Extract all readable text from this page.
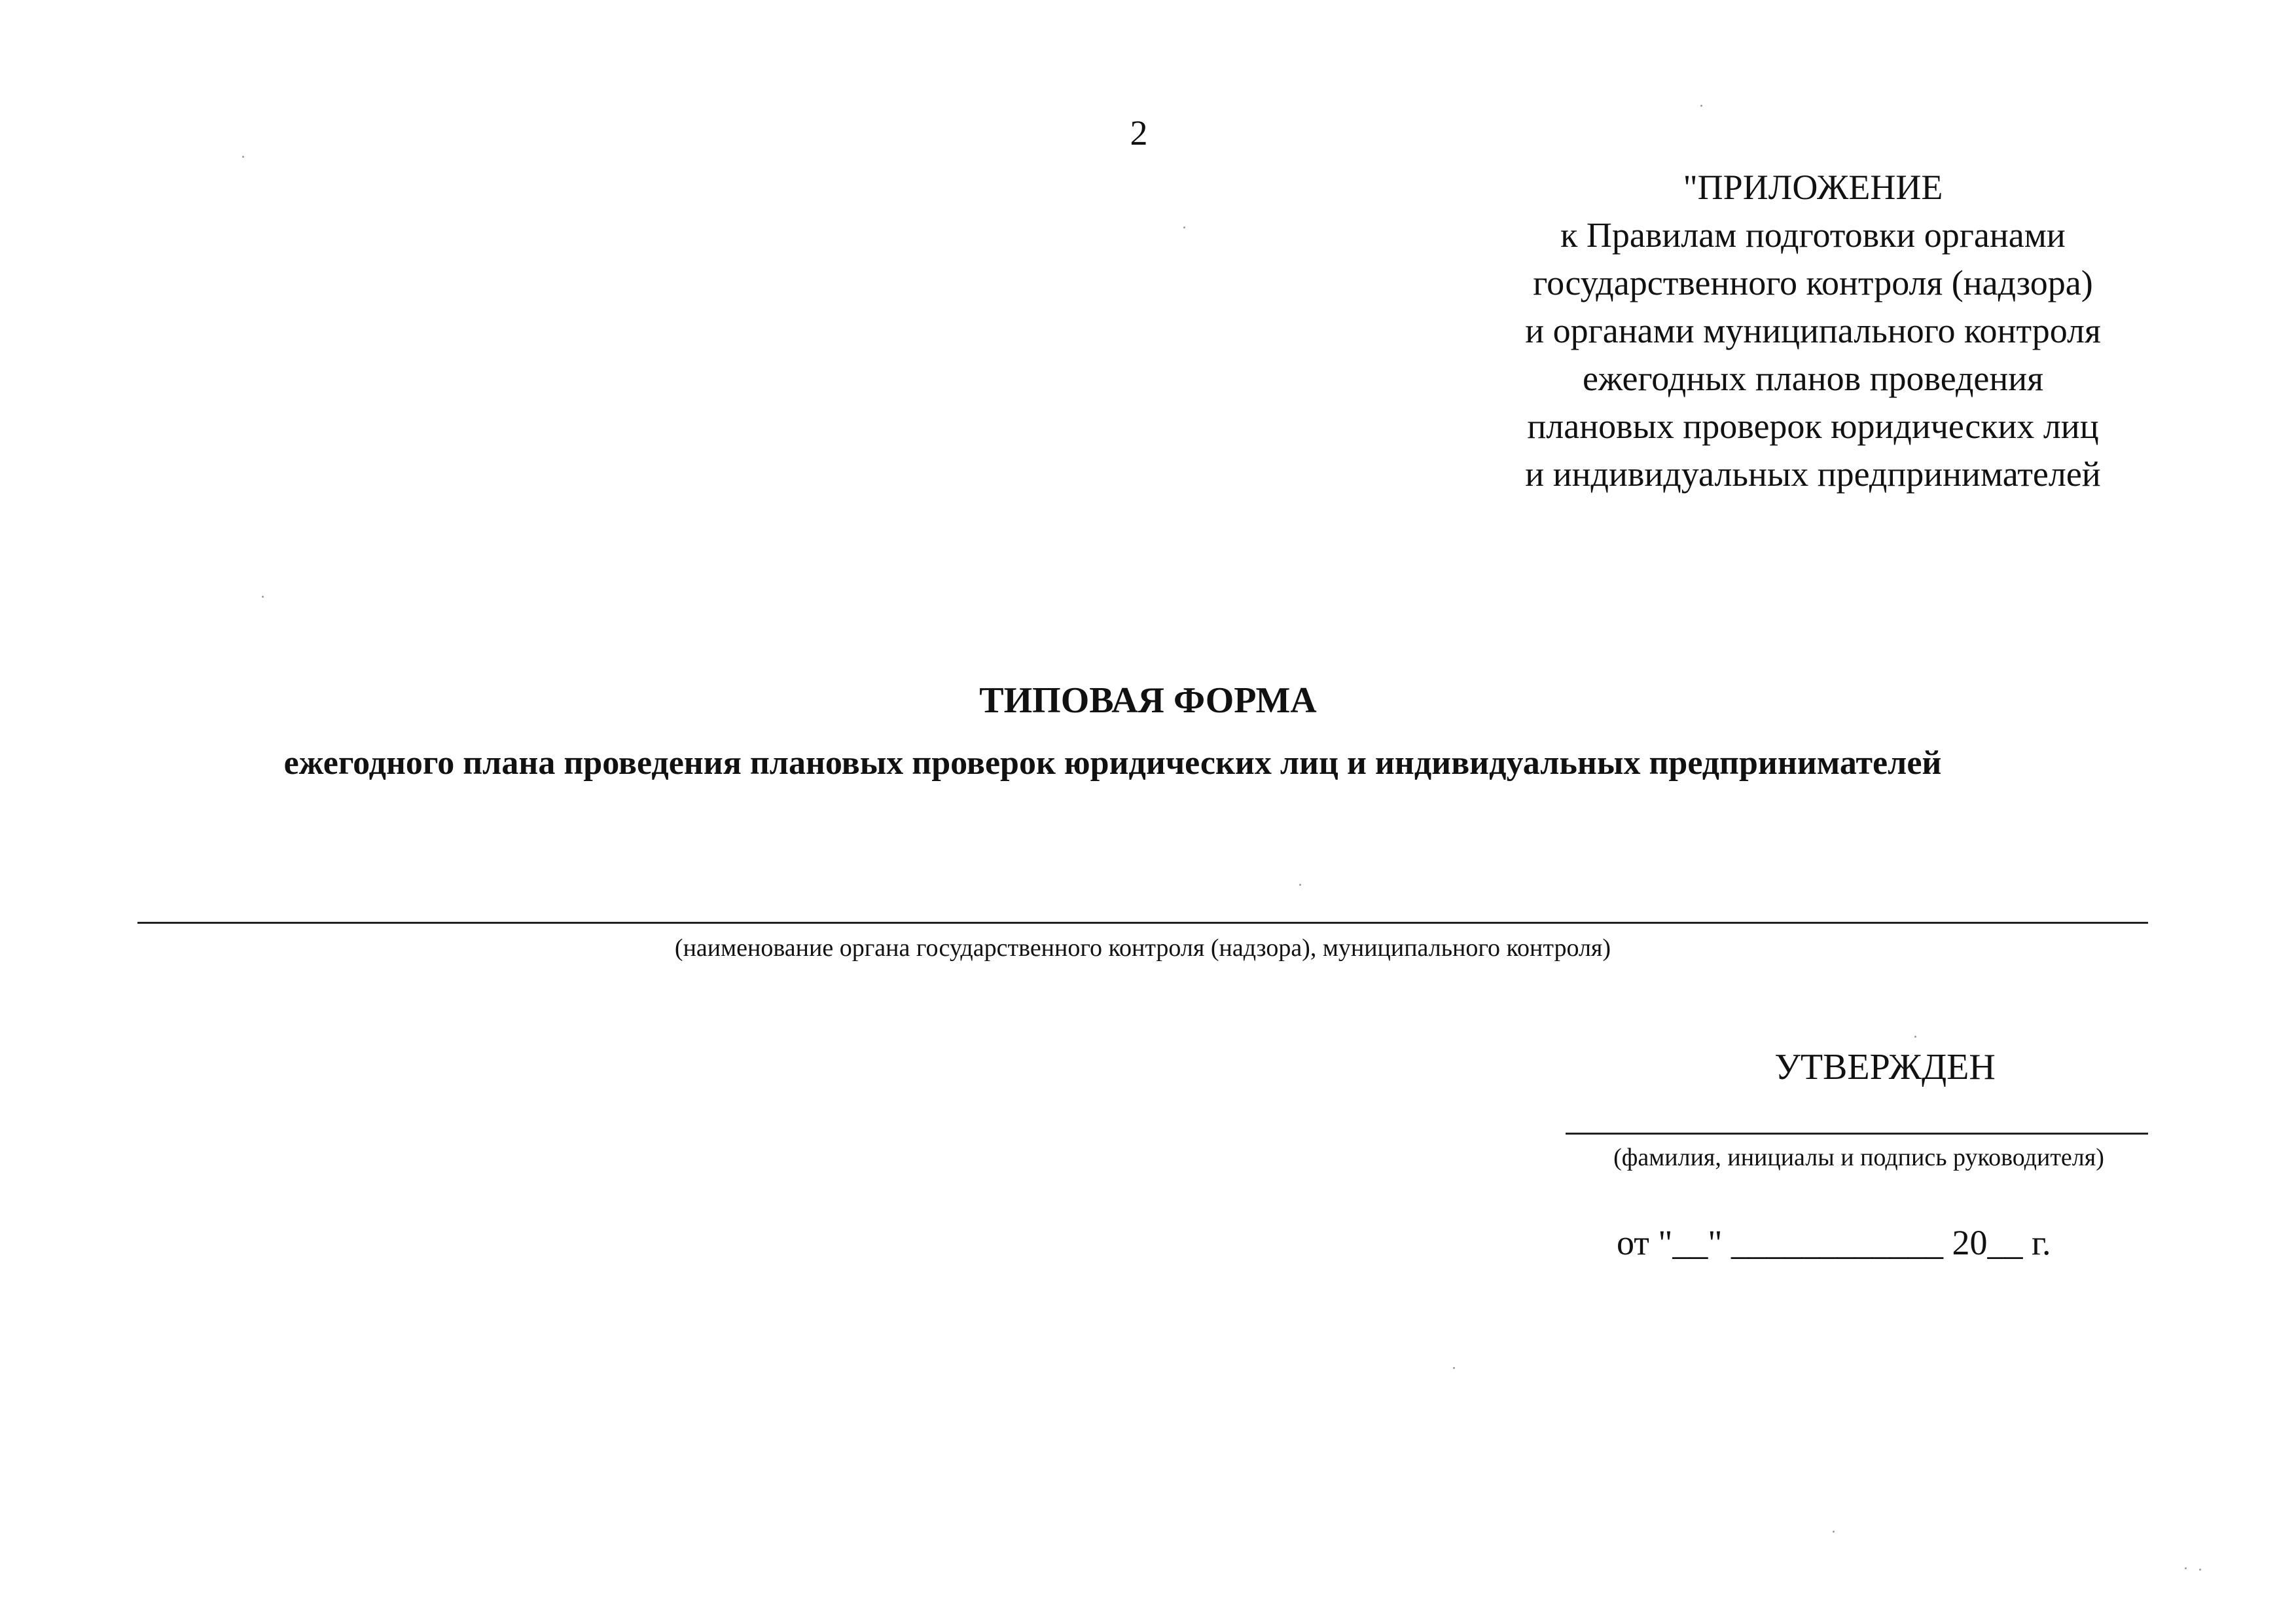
2
"ПРИЛОЖЕНИЕ
к Правилам подготовки органами
государственного контроля (надзора)
и органами муниципального контроля
ежегодных планов проведения
плановых проверок юридических лиц
и индивидуальных предпринимателей
ТИПОВАЯ ФОРМА
ежегодного плана проведения плановых проверок юридических лиц и индивидуальных предпринимателей
(наименование органа государственного контроля (надзора), муниципального контроля)
УТВЕРЖДЕН
(фамилия, инициалы и подпись руководителя)
от "__" ____________ 20__ г.
